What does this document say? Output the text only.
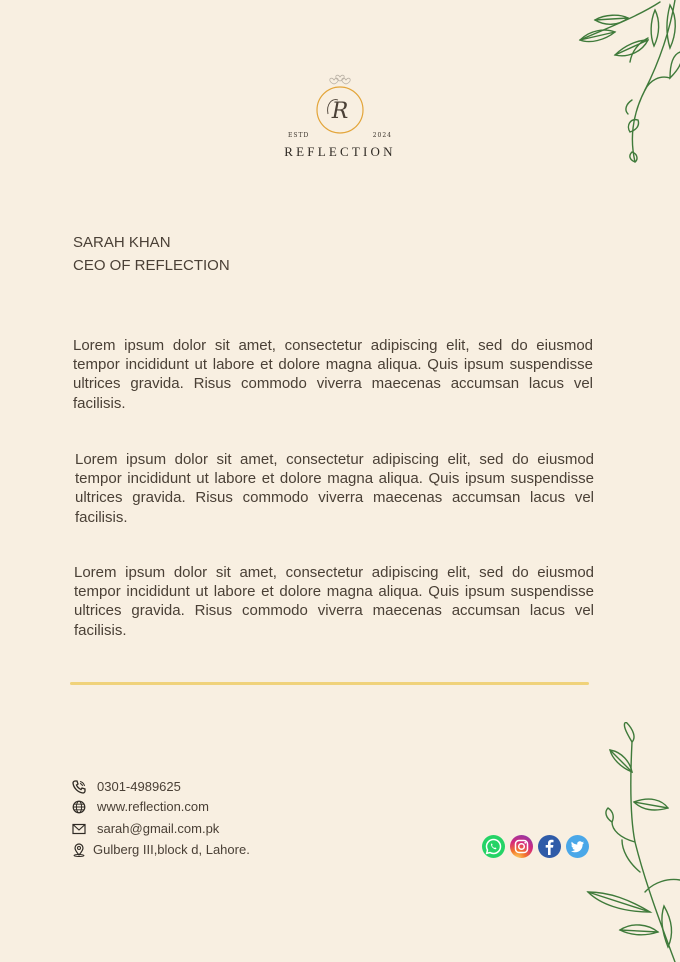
R
ESTD	2024
REFLECTION
SARAH KHAN
CEO OF REFLECTION

Lorem ipsum dolor sit amet, consectetur adipiscing elit, sed do eiusmod tempor incididunt ut labore et dolore magna aliqua. Quis ipsum suspendisse ultrices gravida. Risus commodo viverra maecenas accumsan lacus vel facilisis.

Lorem ipsum dolor sit amet, consectetur adipiscing elit, sed do eiusmod tempor incididunt ut labore et dolore magna aliqua. Quis ipsum suspendisse ultrices gravida. Risus commodo viverra maecenas accumsan lacus vel facilisis.

Lorem ipsum dolor sit amet, consectetur adipiscing elit, sed do eiusmod tempor incididunt ut labore et dolore magna aliqua. Quis ipsum suspendisse ultrices gravida. Risus commodo viverra maecenas accumsan lacus vel facilisis.

0301-4989625
www.reflection.com
sarah@gmail.com.pk
Gulberg III,block d, Lahore.
